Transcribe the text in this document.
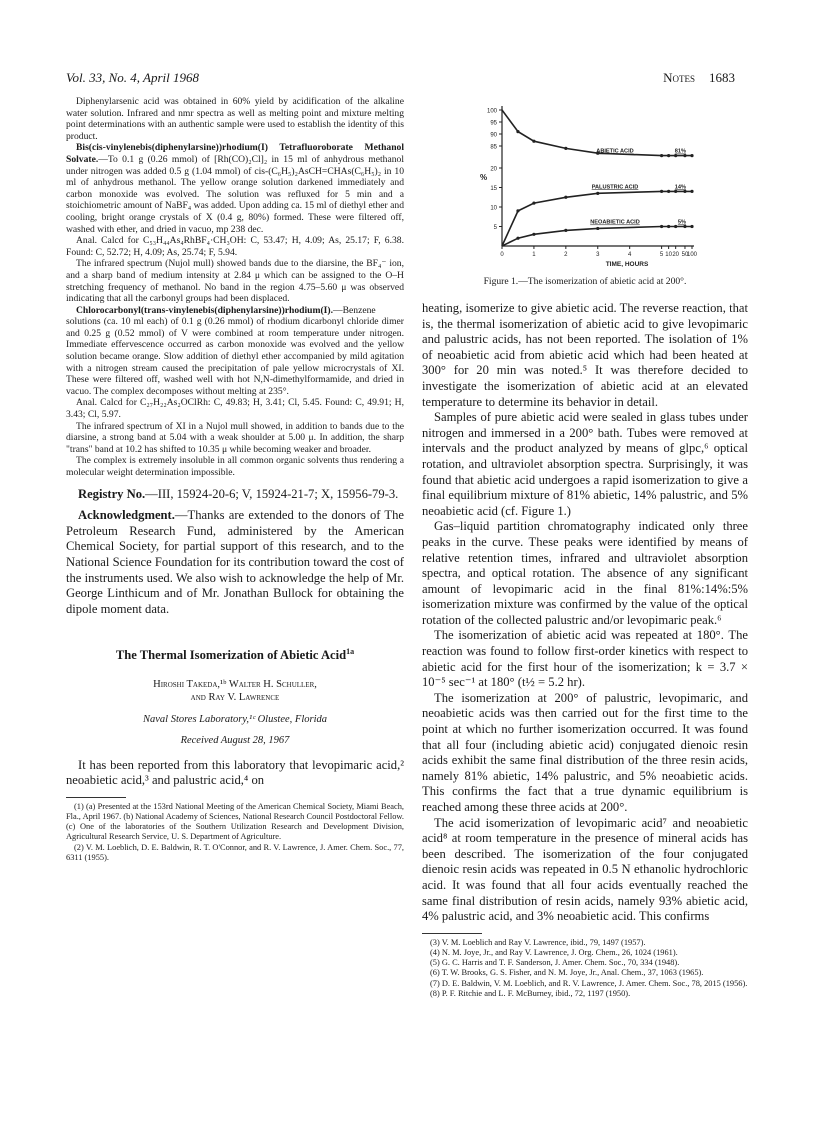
Vol. 33, No. 4, April 1968	Notes 1683

Diphenylarsenic acid was obtained in 60% yield by acidification of the alkaline water solution. Infrared and nmr spectra as well as melting point and mixture melting point determinations with an authentic sample were used to establish the identity of this product.

Bis(cis-vinylenebis(diphenylarsine))rhodium(I) Tetrafluoroborate Methanol Solvate.—To 0.1 g (0.26 mmol) of [Rh(CO)₂Cl]₂ in 15 ml of anhydrous methanol under nitrogen was added 0.5 g (1.04 mmol) of cis-(C₆H₅)₂AsCH=CHAs(C₆H₅)₂ in 10 ml of anhydrous methanol. The yellow orange solution darkened immediately and carbon monoxide was evolved. The solution was refluxed for 5 min and a stoichiometric amount of NaBF₄ was added. Upon adding ca. 15 ml of diethyl ether and cooling, bright orange crystals of X (0.4 g, 80%) formed. These were filtered off, washed with ether, and dried in vacuo, mp 238 dec.

Anal. Calcd for C₅₃H₄₄As₄RhBF₄·CH₃OH: C, 53.47; H, 4.09; As, 25.17; F, 6.38. Found: C, 52.72; H, 4.09; As, 25.74; F, 5.94.

The infrared spectrum (Nujol mull) showed bands due to the diarsine, the BF₄⁻ ion, and a sharp band of medium intensity at 2.84 μ which can be assigned to the O–H stretching frequency of methanol. No band in the region 4.75–5.60 μ was observed indicating that all the carbonyl groups had been displaced.

Chlorocarbonyl(trans-vinylenebis(diphenylarsine))rhodium(I).—Benzene solutions (ca. 10 ml each) of 0.1 g (0.26 mmol) of rhodium dicarbonyl chloride dimer and 0.25 g (0.52 mmol) of V were combined at room temperature under nitrogen. Immediate effervescence occurred as carbon monoxide was evolved and the yellow solution became orange. Slow addition of diethyl ether accompanied by mild agitation with a nitrogen stream caused the precipitation of pale yellow microcrystals of XI. These were filtered off, washed well with hot N,N-dimethylformamide, and dried in vacuo. The complex decomposes without melting at 235°.

Anal. Calcd for C₂₇H₂₂As₂OClRh: C, 49.83; H, 3.41; Cl, 5.45. Found: C, 49.91; H, 3.43; Cl, 5.97.

The infrared spectrum of XI in a Nujol mull showed, in addition to bands due to the diarsine, a strong band at 5.04 with a weak shoulder at 5.00 μ. In addition, the sharp "trans" band at 10.2 has shifted to 10.35 μ while becoming weaker and broader.

The complex is extremely insoluble in all common organic solvents thus rendering a molecular weight determination impossible.

Registry No.—III, 15924-20-6; V, 15924-21-7; X, 15956-79-3.

Acknowledgment.—Thanks are extended to the donors of The Petroleum Research Fund, administered by the American Chemical Society, for partial support of this research, and to the National Science Foundation for its contribution toward the cost of the instruments used. We also wish to acknowledge the help of Mr. George Linthicum and of Mr. Jonathan Bullock for obtaining the dipole moment data.

The Thermal Isomerization of Abietic Acid$^{1a}$
Hiroshi Takeda,¹ᵇ Walter H. Schuller,
and Ray V. Lawrence
Naval Stores Laboratory,¹ᶜ Olustee, Florida
Received August 28, 1967

It has been reported from this laboratory that levopimaric acid,² neoabietic acid,³ and palustric acid,⁴ on

(1) (a) Presented at the 153rd National Meeting of the American Chemical Society, Miami Beach, Fla., April 1967. (b) National Academy of Sciences, National Research Council Postdoctoral Fellow. (c) One of the laboratories of the Southern Utilization Research and Development Division, Agricultural Research Service, U. S. Department of Agriculture.

(2) V. M. Loeblich, D. E. Baldwin, R. T. O'Connor, and R. V. Lawrence, J. Amer. Chem. Soc., 77, 6311 (1955).

5
10
15
20
85
90
95
100
%
0	1	2	3	4	5 10 20 50
100
TIME, HOURS
ABIETIC ACID	81%
PALUSTRIC ACID	14%
NEOABIETIC ACID	5%
Figure 1.—The isomerization of abietic acid at 200°.

heating, isomerize to give abietic acid. The reverse reaction, that is, the thermal isomerization of abietic acid to give levopimaric and palustric acids, has not been reported. The isolation of 1% of neoabietic acid from abietic acid which had been heated at 300° for 20 min was noted.⁵ It was therefore decided to investigate the isomerization of abietic acid at an elevated temperature to determine its behavior in detail.

Samples of pure abietic acid were sealed in glass tubes under nitrogen and immersed in a 200° bath. Tubes were removed at intervals and the product analyzed by means of glpc,⁶ optical rotation, and ultraviolet absorption spectra. Surprisingly, it was found that abietic acid undergoes a rapid isomerization to give a final equilibrium mixture of 81% abietic, 14% palustric, and 5% neoabietic acid (cf. Figure 1.)

Gas–liquid partition chromatography indicated only three peaks in the curve. These peaks were identified by means of relative retention times, infrared and ultraviolet absorption spectra, and optical rotation. The absence of any significant amount of levopimaric acid in the final 81%:14%:5% isomerization mixture was confirmed by the value of the optical rotation of the collected palustric and/or levopimaric peak.⁶

The isomerization of abietic acid was repeated at 180°. The reaction was found to follow first-order kinetics with respect to abietic acid for the first hour of the isomerization; k = 3.7 × 10⁻⁵ sec⁻¹ at 180° (t½ = 5.2 hr).

The isomerization at 200° of palustric, levopimaric, and neoabietic acids was then carried out for the first time to the point at which no further isomerization occurred. It was found that all four (including abietic acid) conjugated dienoic resin acids exhibit the same final distribution of the three resin acids, namely 81% abietic, 14% palustric, and 5% neoabietic acids. This confirms the fact that a true dynamic equilibrium is reached among these three acids at 200°.

The acid isomerization of levopimaric acid⁷ and neoabietic acid⁸ at room temperature in the presence of mineral acids has been described. The isomerization of the four conjugated dienoic resin acids was repeated in 0.5 N ethanolic hydrochloric acid. It was found that all four acids eventually reached the same final distribution of resin acids, namely 93% abietic acid, 4% palustric acid, and 3% neoabietic acid. This confirms

(3) V. M. Loeblich and Ray V. Lawrence, ibid., 79, 1497 (1957).

(4) N. M. Joye, Jr., and Ray V. Lawrence, J. Org. Chem., 26, 1024 (1961).

(5) G. C. Harris and T. F. Sanderson, J. Amer. Chem. Soc., 70, 334 (1948).

(6) T. W. Brooks, G. S. Fisher, and N. M. Joye, Jr., Anal. Chem., 37, 1063 (1965).

(7) D. E. Baldwin, V. M. Loeblich, and R. V. Lawrence, J. Amer. Chem. Soc., 78, 2015 (1956).

(8) P. F. Ritchie and L. F. McBurney, ibid., 72, 1197 (1950).
